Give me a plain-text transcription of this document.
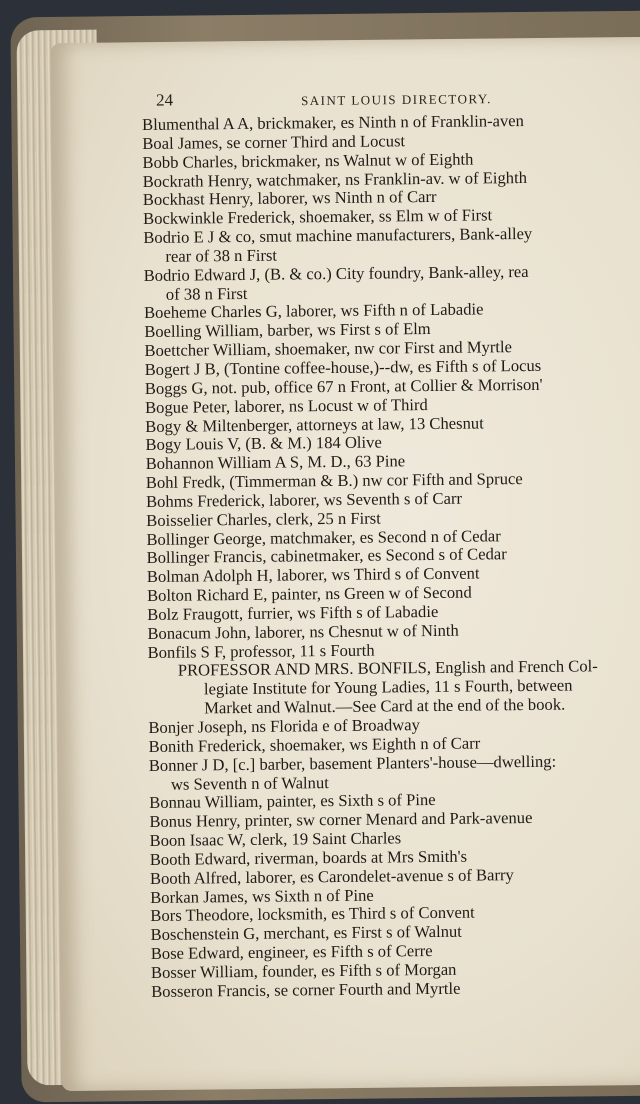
24	SAINT LOUIS DIRECTORY.
Blumenthal A A, brickmaker, es Ninth n of Franklin-aven
Boal James, se corner Third and Locust
Bobb Charles, brickmaker, ns Walnut w of Eighth
Bockrath Henry, watchmaker, ns Franklin-av. w of Eighth
Bockhast Henry, laborer, ws Ninth n of Carr
Bockwinkle Frederick, shoemaker, ss Elm w of First
Bodrio E J & co, smut machine manufacturers, Bank-alley
rear of 38 n First
Bodrio Edward J, (B. & co.) City foundry, Bank-alley, rea
of 38 n First
Boeheme Charles G, laborer, ws Fifth n of Labadie
Boelling William, barber, ws First s of Elm
Boettcher William, shoemaker, nw cor First and Myrtle
Bogert J B, (Tontine coffee-house,)--dw, es Fifth s of Locus
Boggs G, not. pub, office 67 n Front, at Collier & Morrison'
Bogue Peter, laborer, ns Locust w of Third
Bogy & Miltenberger, attorneys at law, 13 Chesnut
Bogy Louis V, (B. & M.) 184 Olive
Bohannon William A S, M. D., 63 Pine
Bohl Fredk, (Timmerman & B.) nw cor Fifth and Spruce
Bohms Frederick, laborer, ws Seventh s of Carr
Boisselier Charles, clerk, 25 n First
Bollinger George, matchmaker, es Second n of Cedar
Bollinger Francis, cabinetmaker, es Second s of Cedar
Bolman Adolph H, laborer, ws Third s of Convent
Bolton Richard E, painter, ns Green w of Second
Bolz Fraugott, furrier, ws Fifth s of Labadie
Bonacum John, laborer, ns Chesnut w of Ninth
Bonfils S F, professor, 11 s Fourth
PROFESSOR AND MRS. BONFILS, English and French Col-
legiate Institute for Young Ladies, 11 s Fourth, between
Market and Walnut.—See Card at the end of the book.
Bonjer Joseph, ns Florida e of Broadway
Bonith Frederick, shoemaker, ws Eighth n of Carr
Bonner J D, [c.] barber, basement Planters'-house—dwelling:
ws Seventh n of Walnut
Bonnau William, painter, es Sixth s of Pine
Bonus Henry, printer, sw corner Menard and Park-avenue
Boon Isaac W, clerk, 19 Saint Charles
Booth Edward, riverman, boards at Mrs Smith's
Booth Alfred, laborer, es Carondelet-avenue s of Barry
Borkan James, ws Sixth n of Pine
Bors Theodore, locksmith, es Third s of Convent
Boschenstein G, merchant, es First s of Walnut
Bose Edward, engineer, es Fifth s of Cerre
Bosser William, founder, es Fifth s of Morgan
Bosseron Francis, se corner Fourth and Myrtle
